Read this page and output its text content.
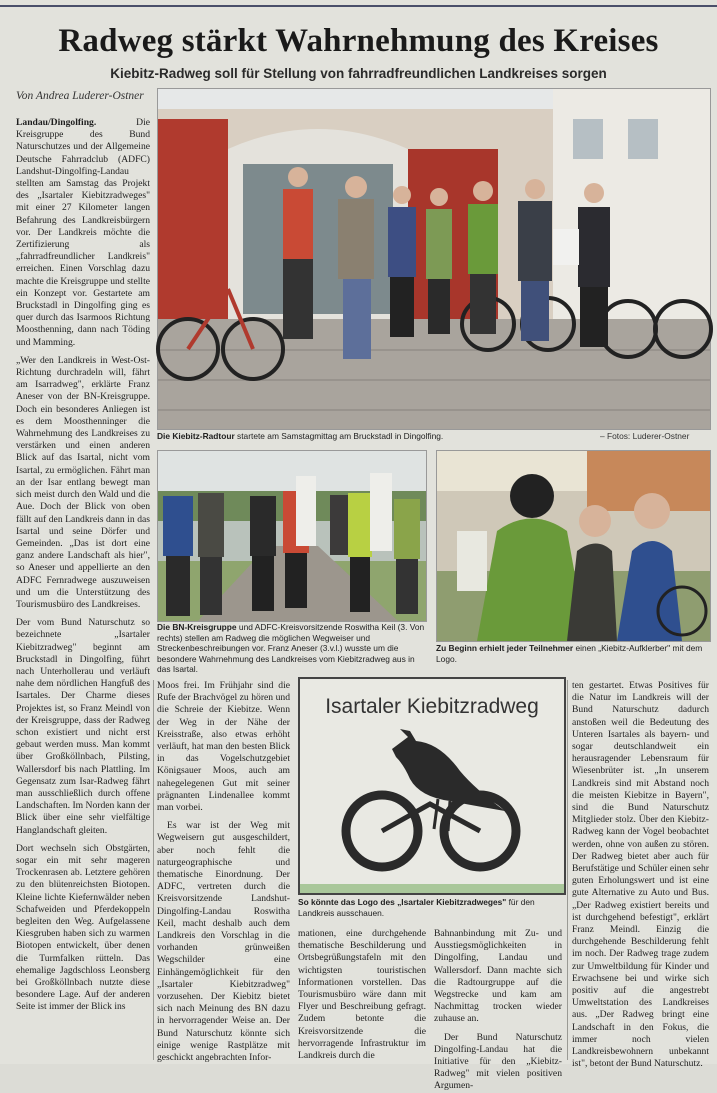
Radweg stärkt Wahrnehmung des Kreises
Kiebitz-Radweg soll für Stellung von fahrradfreundlichen Landkreises sorgen
Von Andrea Luderer-Ostner

Landau/Dingolfing.	Die Kreisgruppe des Bund Naturschutzes und der Allgemeine Deutsche Fahrradclub (ADFC) Landshut-Dingolfing-Landau stellten am Samstag das Projekt des „Isartaler Kiebitzradweges" mit einer 27 Kilometer langen Befahrung des Landkreisbürgern vor. Der Landkreis möchte die Zertifizierung als „fahrradfreundlicher Landkreis" erreichen. Einen Vorschlag dazu machte die Kreisgruppe und stellte ein Konzept vor. Gestartete am Bruckstadl in Dingolfing ging es quer durch das Isarmoos Richtung Moosthenning, dann nach Töding und Mamming.

„Wer den Landkreis in West-Ost-Richtung durchradeln will, fährt am Isarradweg", erklärte Franz Aneser von der BN-Kreisgruppe. Doch ein besonderes Anliegen ist es dem Moosthenninger die Wahrnehmung des Landkreises zu verstärken und einen anderen Blick auf das Isartal, nicht vom Isartal, zu ermöglichen. Fährt man an der Isar entlang bewegt man sich meist durch den Wald und die Aue. Doch der Blick von oben fällt auf den Landkreis dann in das Isartal und seine Dörfer und Gemeinden. „Das ist dort eine ganz andere Landschaft als hier", so Aneser und appellierte an den ADFC Fernradwege auszuweisen und um die Unterstützung des Tourismusbüro des Landkreises.

Der vom Bund Naturschutz so bezeichnete „Isartaler Kiebitzradweg" beginnt am Bruckstadl in Dingolfing, führt nach Unterhollerau und verläuft nahe dem nördlichen Hangfuß des Isartales. Der Charme dieses Projektes ist, so Franz Meindl von der Kreisgruppe, dass der Radweg schon existiert und nicht erst gebaut werden muss. Man kommt über Großköllnbach, Pilsting, Wallersdorf bis nach Plattling. Im Gegensatz zum Isar-Radweg fährt man ausschließlich durch offene Landschaften. Im Norden kann der Blick über eine sehr vielfältige Hanglandschaft gleiten.

Dort wechseln sich Obstgärten, sogar ein mit sehr mageren Trockenrasen ab. Letztere gehören zu den blütenreichsten Biotopen. Kleine lichte Kiefernwälder neben Schafweiden und Pferdekoppeln begleiten den Weg. Aufgelassene Kiesgruben haben sich zu warmen Biotopen entwickelt, über denen die Turmfalken rütteln. Das ehemalige Jagdschloss Leonsberg bei Großköllnbach nutzte diese besondere Lage. Auf der anderen Seite ist immer der Blick ins

Die Kiebitz-Radtour startete am Samstagmittag am Bruckstadl in Dingolfing.	– Fotos: Luderer-Ostner
Die BN-Kreisgruppe und ADFC-Kreisvorsitzende Roswitha Keil (3. Von rechts) stellen am Radweg die möglichen Wegweiser und Streckenbeschreibungen vor. Franz Aneser (3.v.l.) wusste um die besondere Wahrnehmung des Landkreises vom Kiebitzradweg aus in das Isartal.
Zu Beginn erhielt jeder Teilnehmer einen „Kiebitz-Aufklerber" mit dem Logo.

Moos frei. Im Frühjahr sind die Rufe der Brachvögel zu hören und die Schreie der Kiebitze. Wenn der Weg in der Nähe der Kreisstraße, also etwas erhöht verläuft, hat man den besten Blick in das Vogelschutzgebiet Königsauer Moos, auch am nahegelegenen Gut mit seiner prägnanten Lindenallee kommt man vorbei.

Es war ist der Weg mit Wegweisern gut ausgeschildert, aber noch fehlt die naturgeographische und thematische Einordnung. Der ADFC, vertreten durch die Kreisvorsitzende Landshut-Dingolfing-Landau Roswitha Keil, macht deshalb auch dem Landkreis den Vorschlag in die vorhanden grünweißen Wegschilder eine Einhängemöglichkeit für den „Isartaler Kiebitzradweg" vorzusehen. Der Kiebitz bietet sich nach Meinung des BN dazu in hervorragender Weise an. Der Bund Naturschutz könnte sich einige wenige Rastplätze mit geschickt angebrachten Infor-

Isartaler Kiebitzradweg
So könnte das Logo des „Isartaler Kiebitzradweges" für den Landkreis ausschauen.

mationen, eine durchgehende thematische Beschilderung und Ortsbegrüßungstafeln mit den wichtigsten touristischen Informationen vorstellen. Das Tourismusbüro wäre dann mit Flyer und Beschreibung gefragt. Zudem betonte die Kreisvorsitzende die hervorragende Infrastruktur im Landkreis durch die

Bahnanbindung mit Zu- und Ausstiegsmöglichkeiten in Dingolfing, Landau und Wallersdorf. Dann machte sich die Radtourgruppe auf die Wegstrecke und kam am Nachmittag trocken wieder zuhause an.

Der Bund Naturschutz Dingolfing-Landau hat die Initiative für den „Kiebitz-Radweg" mit vielen positiven Argumen-

ten gestartet. Etwas Positives für die Natur im Landkreis will der Bund Naturschutz dadurch anstoßen weil die Bedeutung des Unteren Isartales als bayern- und sogar deutschlandweit ein herausragender Lebensraum für Wiesenbrüter ist. „In unserem Landkreis sind mit Abstand noch die meisten Kiebitze in Bayern", sind die Bund Naturschutz Mitglieder stolz. Über den Kiebitz-Radweg kann der Vogel beobachtet werden, ohne von außen zu stören. Der Radweg bietet aber auch für Berufstätige und Schüler einen sehr guten Erholungswert und ist eine gute Alternative zu Auto und Bus. „Der Radweg existiert bereits und ist durchgehend befestigt", erklärt Franz Meindl. Einzig die durchgehende Beschilderung fehlt im noch. Der Radweg trage zudem zur Umweltbildung für Kinder und Erwachsene bei und wirke sich positiv auf die angestrebt Umweltstation des Landkreises aus. „Der Radweg bringt eine Landschaft in den Fokus, die immer noch vielen Landkreisbewohnern unbekannt ist", betont der Bund Naturschutz.
